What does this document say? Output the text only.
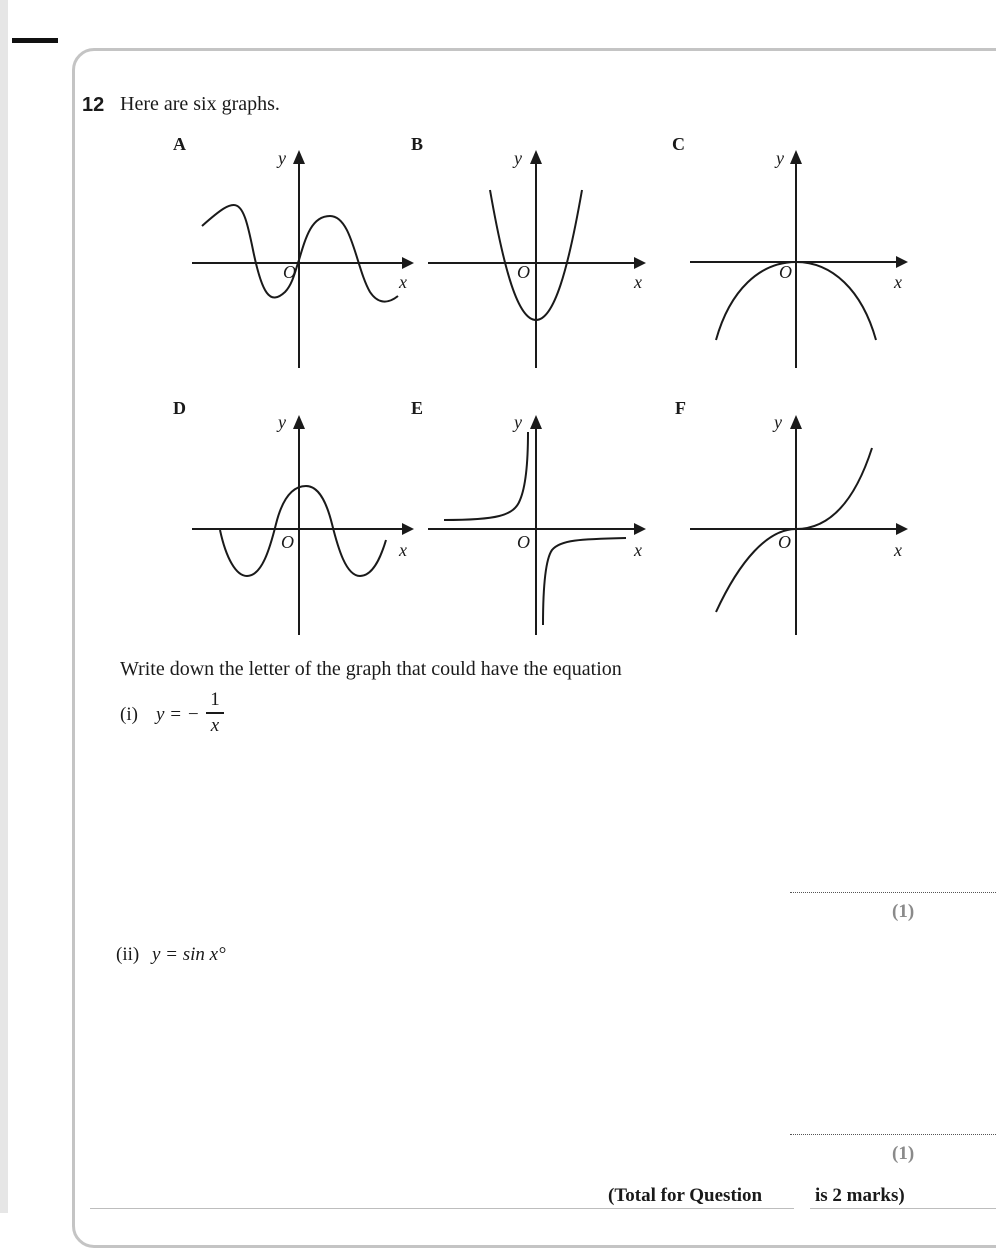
12 Here are six graphs.
A	B	C
D	E	F
y
O	x
y
O	x
y
O	x
y
O	x
y
O	x
y
O	x
Write down the letter of the graph that could have the equation
(i) y = −
1
x
(1)
(ii) y = sin x°
(1)
(Total for Question	is 2 marks)
